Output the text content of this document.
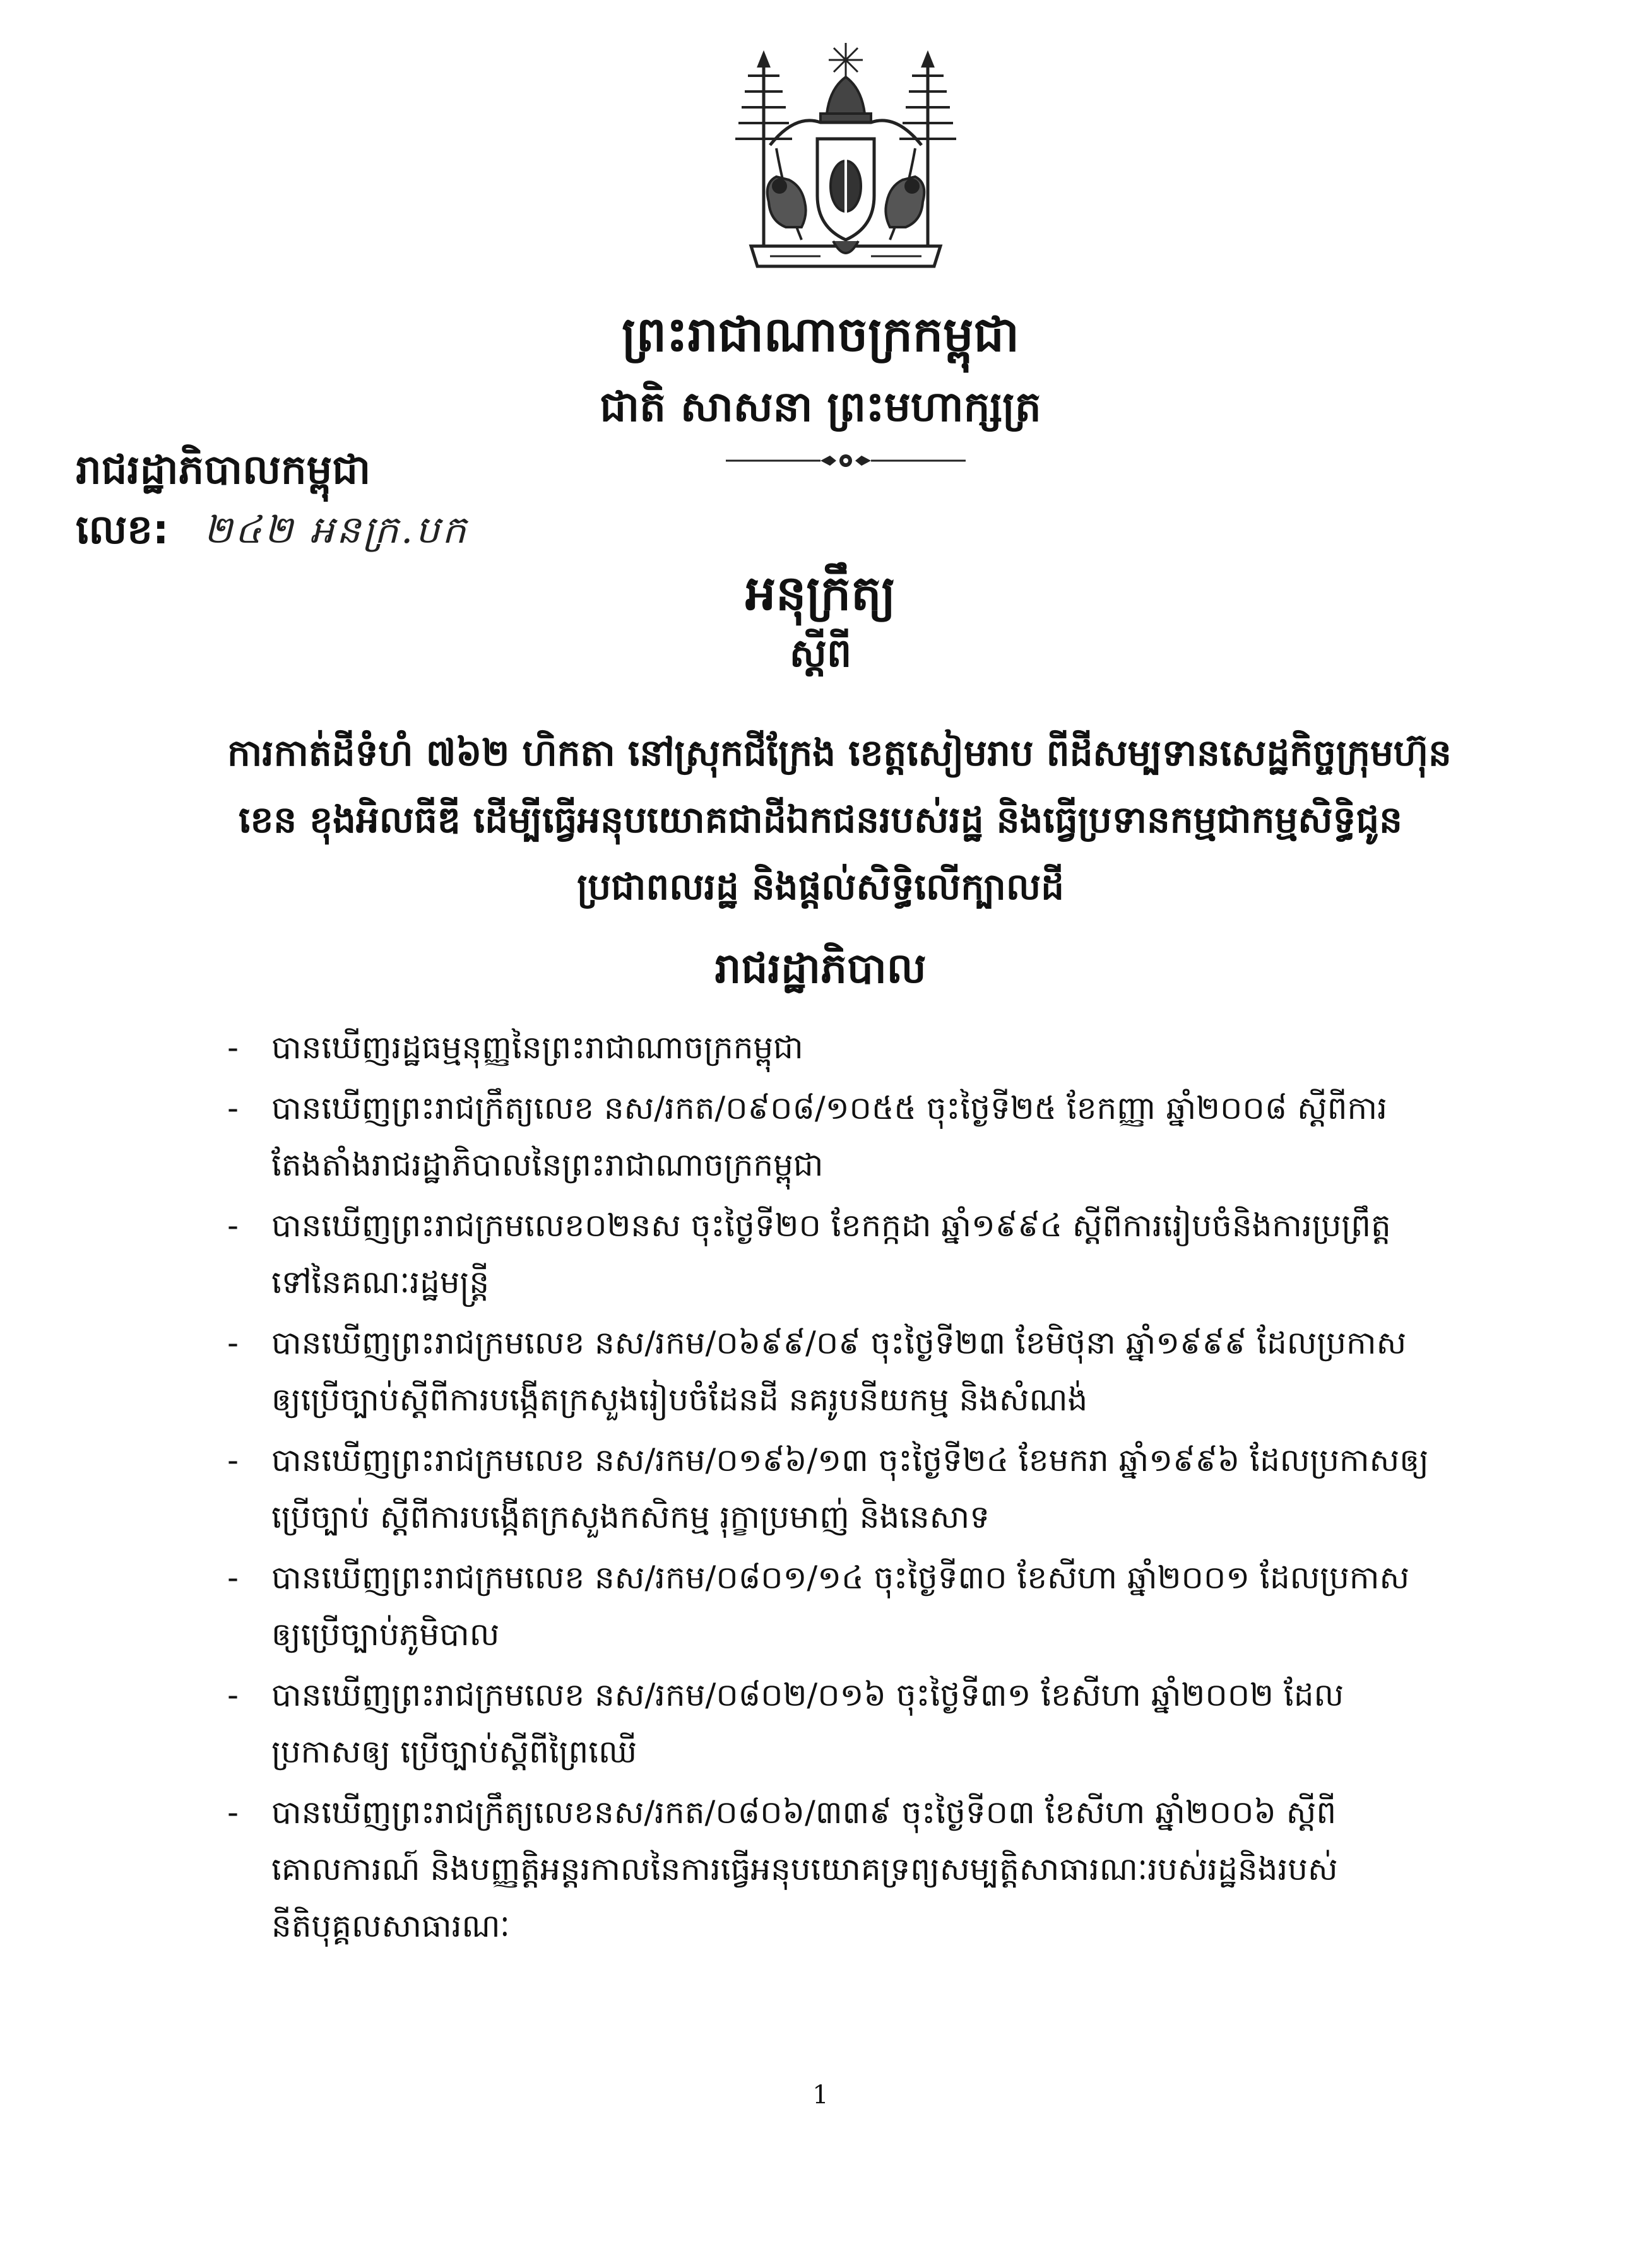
ព្រះរាជាណាចក្រកម្ពុជា
ជាតិ សាសនា ព្រះមហាក្សត្រ
រាជរដ្ឋាភិបាលកម្ពុជា
លេខ: ២៤២ អនក្រ.បក
អនុក្រឹត្យ
ស្តីពី
ការកាត់ដីទំហំ ៧៦២ ហិកតា នៅស្រុកជីក្រែង ខេត្តសៀមរាប ពីដីសម្បទានសេដ្ឋកិច្ចក្រុមហ៊ុន
ខេន ខុងអិលធីឌី ដើម្បីធ្វើអនុបយោគជាដីឯកជនរបស់រដ្ឋ និងធ្វើប្រទានកម្មជាកម្មសិទ្ធិជូន
ប្រជាពលរដ្ឋ និងផ្តល់សិទ្ធិលើក្បាលដី
រាជរដ្ឋាភិបាល
- បានឃើញរដ្ឋធម្មនុញ្ញនៃព្រះរាជាណាចក្រកម្ពុជា
- បានឃើញព្រះរាជក្រឹត្យលេខ នស/រកត/០៩០៨/១០៥៥ ចុះថ្ងៃទី២៥ ខែកញ្ញា ឆ្នាំ២០០៨ ស្តីពីការ
តែងតាំងរាជរដ្ឋាភិបាលនៃព្រះរាជាណាចក្រកម្ពុជា
- បានឃើញព្រះរាជក្រមលេខ០២នស ចុះថ្ងៃទី២០ ខែកក្កដា ឆ្នាំ១៩៩៤ ស្តីពីការរៀបចំនិងការប្រព្រឹត្ត
ទៅនៃគណៈរដ្ឋមន្ត្រី
- បានឃើញព្រះរាជក្រមលេខ នស/រកម/០៦៩៩/០៩ ចុះថ្ងៃទី២៣ ខែមិថុនា ឆ្នាំ១៩៩៩ ដែលប្រកាស
ឲ្យប្រើច្បាប់ស្តីពីការបង្កើតក្រសួងរៀបចំដែនដី នគរូបនីយកម្ម និងសំណង់
- បានឃើញព្រះរាជក្រមលេខ នស/រកម/០១៩៦/១៣ ចុះថ្ងៃទី២៤ ខែមករា ឆ្នាំ១៩៩៦ ដែលប្រកាសឲ្យ
ប្រើច្បាប់ ស្តីពីការបង្កើតក្រសួងកសិកម្ម រុក្ខាប្រមាញ់ និងនេសាទ
- បានឃើញព្រះរាជក្រមលេខ នស/រកម/០៨០១/១៤ ចុះថ្ងៃទី៣០ ខែសីហា ឆ្នាំ២០០១ ដែលប្រកាស
ឲ្យប្រើច្បាប់ភូមិបាល
- បានឃើញព្រះរាជក្រមលេខ នស/រកម/០៨០២/០១៦ ចុះថ្ងៃទី៣១ ខែសីហា ឆ្នាំ២០០២ ដែល
ប្រកាសឲ្យ ប្រើច្បាប់ស្តីពីព្រៃឈើ
- បានឃើញព្រះរាជក្រឹត្យលេខនស/រកត/០៨០៦/៣៣៩ ចុះថ្ងៃទី០៣ ខែសីហា ឆ្នាំ២០០៦ ស្តីពី
គោលការណ៍ និងបញ្ញត្តិអន្តរកាលនៃការធ្វើអនុបយោគទ្រព្យសម្បត្តិសាធារណៈរបស់រដ្ឋនិងរបស់
នីតិបុគ្គលសាធារណៈ
1
